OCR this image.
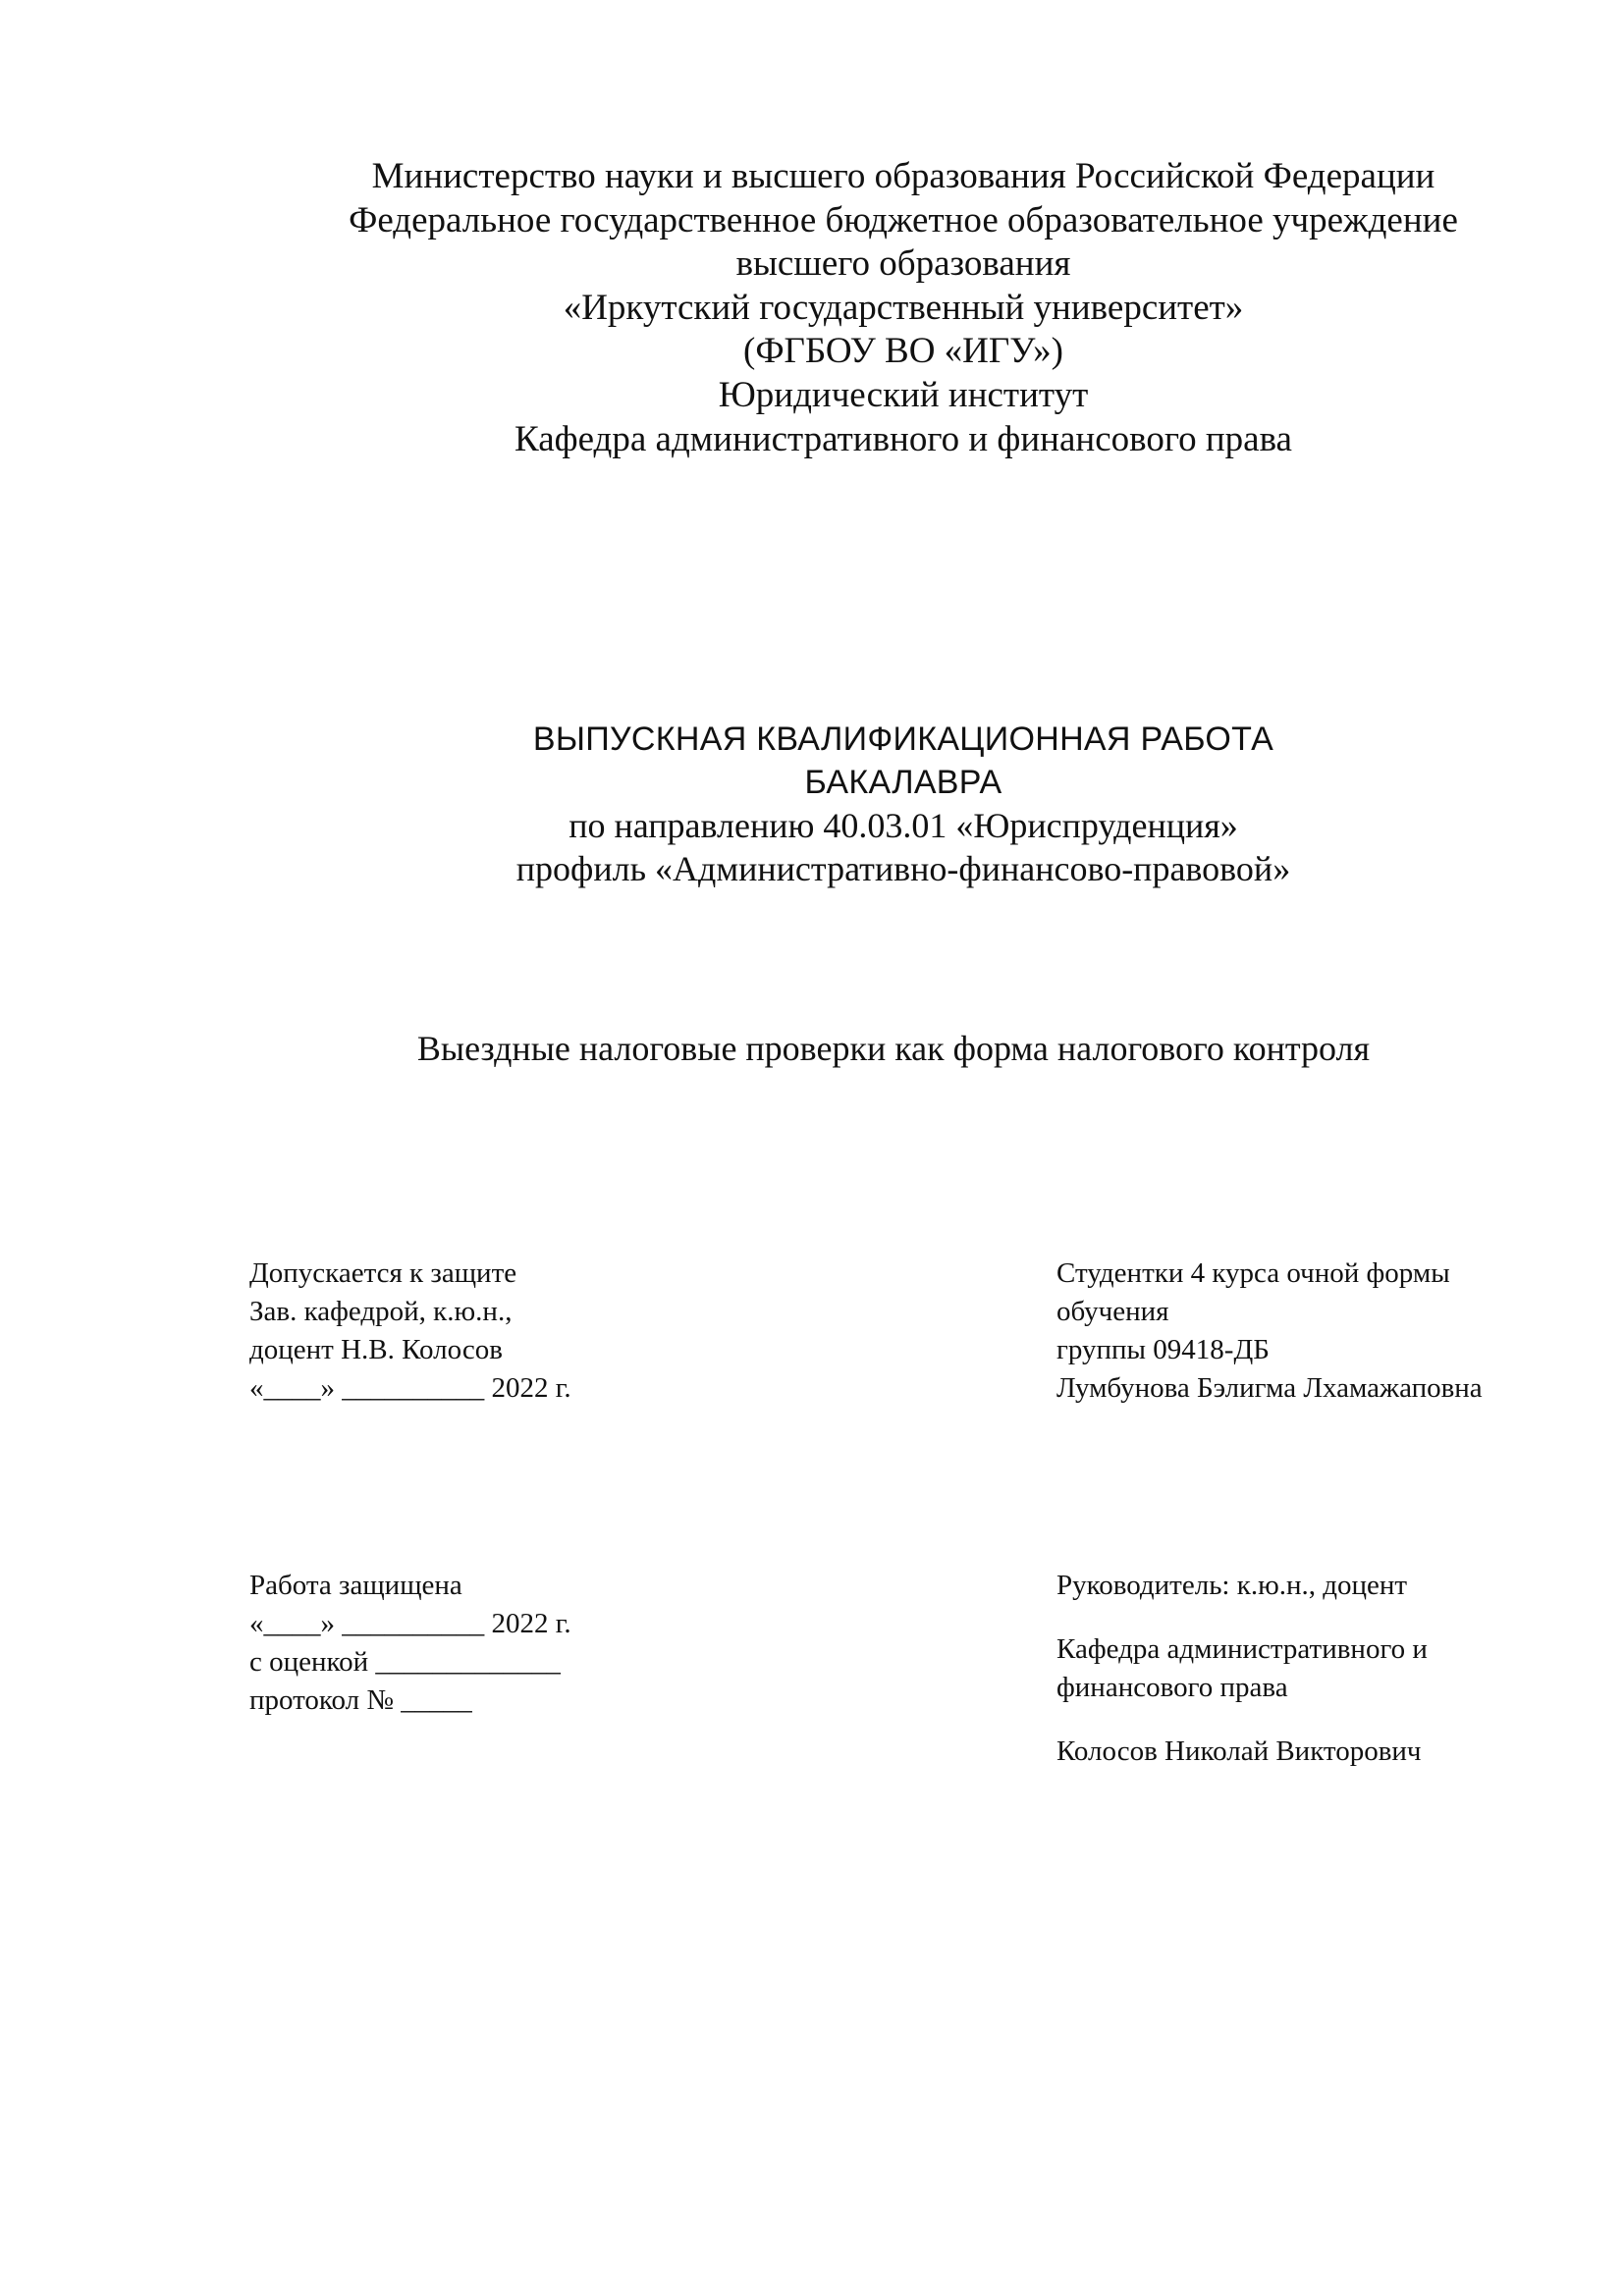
Министерство науки и высшего образования Российской Федерации
Федеральное государственное бюджетное образовательное учреждение
высшего образования
«Иркутский государственный университет»
(ФГБОУ ВО «ИГУ»)
Юридический институт
Кафедра административного и финансового права
ВЫПУСКНАЯ КВАЛИФИКАЦИОННАЯ РАБОТА
БАКАЛАВРА
по направлению 40.03.01 «Юриспруденция»
профиль «Административно-финансово-правовой»
Выездные налоговые проверки как форма налогового контроля
Допускается к защите
Зав. кафедрой, к.ю.н.,
доцент Н.В. Колосов
«____» __________ 2022 г.
Студентки 4 курса очной формы
обучения
группы 09418-ДБ
Лумбунова Бэлигма Лхамажаповна
Работа защищена
«____» __________ 2022 г.
с оценкой _____________
протокол № _____
Руководитель: к.ю.н., доцент
Кафедра административного и
финансового права
Колосов Николай Викторович
